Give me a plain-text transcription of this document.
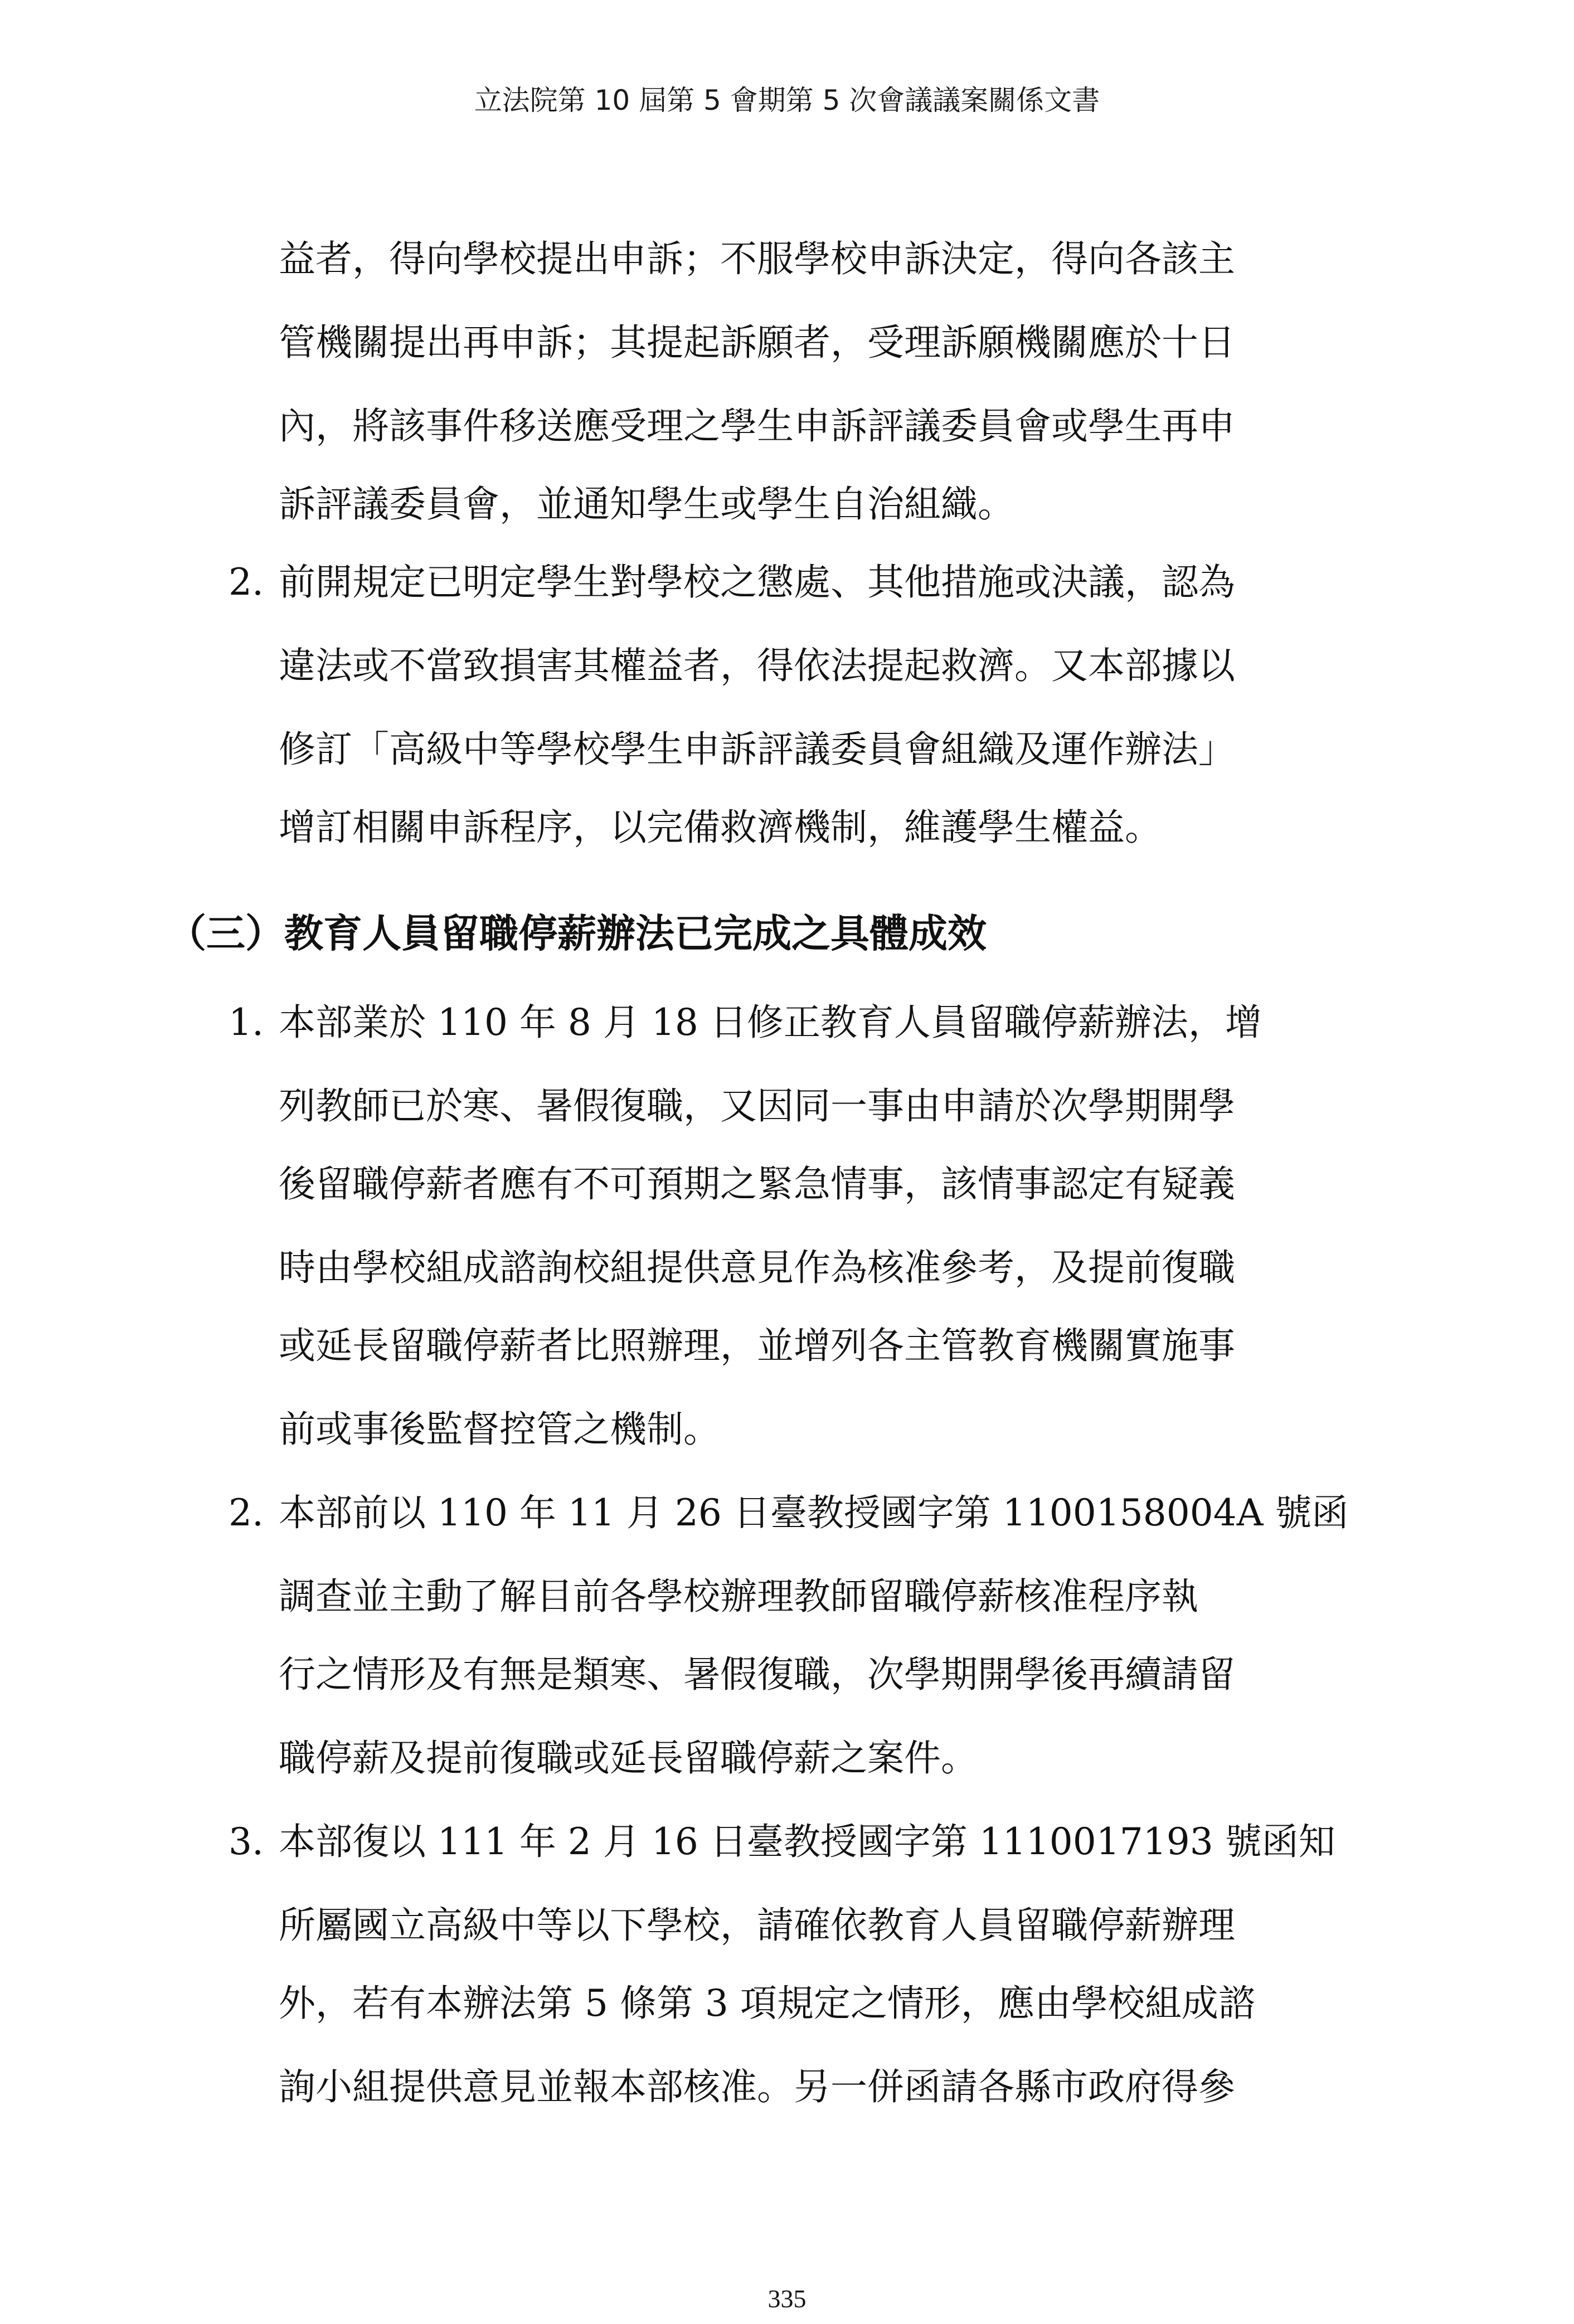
立法院第 10 屆第 5 會期第 5 次會議議案關係文書
益者，得向學校提出申訴；不服學校申訴決定，得向各該主
管機關提出再申訴；其提起訴願者，受理訴願機關應於十日
內，將該事件移送應受理之學生申訴評議委員會或學生再申
訴評議委員會，並通知學生或學生自治組織。
2. 前開規定已明定學生對學校之懲處、其他措施或決議，認為
違法或不當致損害其權益者，得依法提起救濟。又本部據以
修訂「高級中等學校學生申訴評議委員會組織及運作辦法」
增訂相關申訴程序，以完備救濟機制，維護學生權益。
（三）教育人員留職停薪辦法已完成之具體成效
1. 本部業於 110 年 8 月 18 日修正教育人員留職停薪辦法，增
列教師已於寒、暑假復職，又因同一事由申請於次學期開學
後留職停薪者應有不可預期之緊急情事，該情事認定有疑義
時由學校組成諮詢校組提供意見作為核准參考，及提前復職
或延長留職停薪者比照辦理，並增列各主管教育機關實施事
前或事後監督控管之機制。
2. 本部前以 110 年 11 月 26 日臺教授國字第 1100158004A 號函
調查並主動了解目前各學校辦理教師留職停薪核准程序執
行之情形及有無是類寒、暑假復職，次學期開學後再續請留
職停薪及提前復職或延長留職停薪之案件。
3. 本部復以 111 年 2 月 16 日臺教授國字第 1110017193 號函知
所屬國立高級中等以下學校，請確依教育人員留職停薪辦理
外，若有本辦法第 5 條第 3 項規定之情形，應由學校組成諮
詢小組提供意見並報本部核准。另一併函請各縣市政府得參
335
